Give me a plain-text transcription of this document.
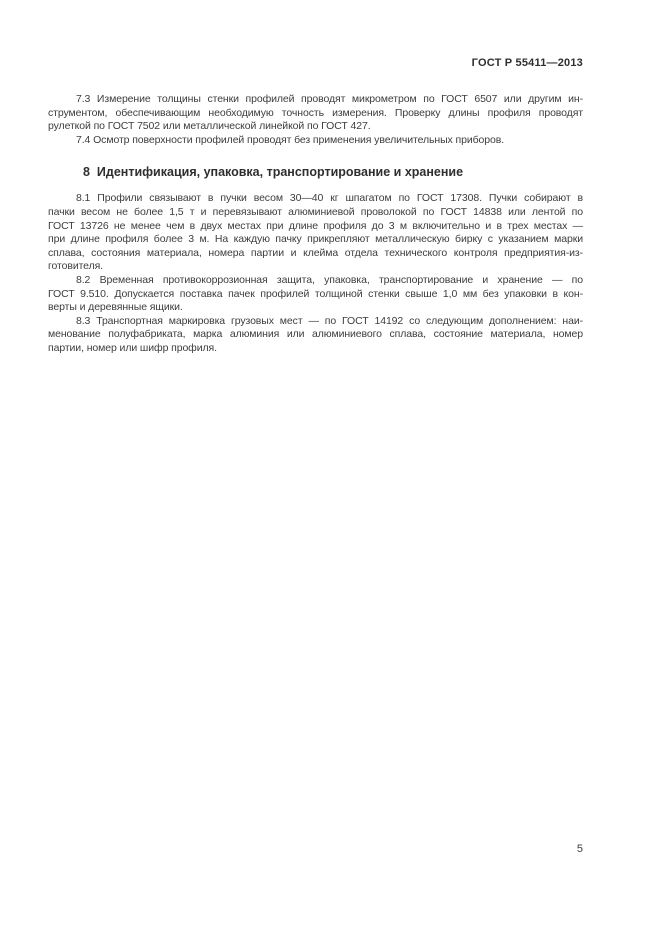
ГОСТ Р 55411—2013
7.3 Измерение толщины стенки профилей проводят микрометром по ГОСТ 6507 или другим ин-
струментом, обеспечивающим необходимую точность измерения. Проверку длины профиля проводят
рулеткой по ГОСТ 7502 или металлической линейкой по ГОСТ 427.
7.4 Осмотр поверхности профилей проводят без применения увеличительных приборов.
8  Идентификация, упаковка, транспортирование и хранение
8.1 Профили связывают в пучки весом 30—40 кг шпагатом по ГОСТ 17308. Пучки собирают в
пачки весом не более 1,5 т и перевязывают алюминиевой проволокой по ГОСТ 14838 или лентой по
ГОСТ 13726 не менее чем в двух местах при длине профиля до 3 м включительно и в трех местах —
при длине профиля более 3 м. На каждую пачку прикрепляют металлическую бирку с указанием марки
сплава, состояния материала, номера партии и клейма отдела технического контроля предприятия-из-
готовителя.
8.2 Временная противокоррозионная защита, упаковка, транспортирование и хранение — по
ГОСТ 9.510. Допускается поставка пачек профилей толщиной стенки свыше 1,0 мм без упаковки в кон-
верты и деревянные ящики.
8.3 Транспортная маркировка грузовых мест — по ГОСТ 14192 со следующим дополнением: наи-
менование полуфабриката, марка алюминия или алюминиевого сплава, состояние материала, номер
партии, номер или шифр профиля.
5
